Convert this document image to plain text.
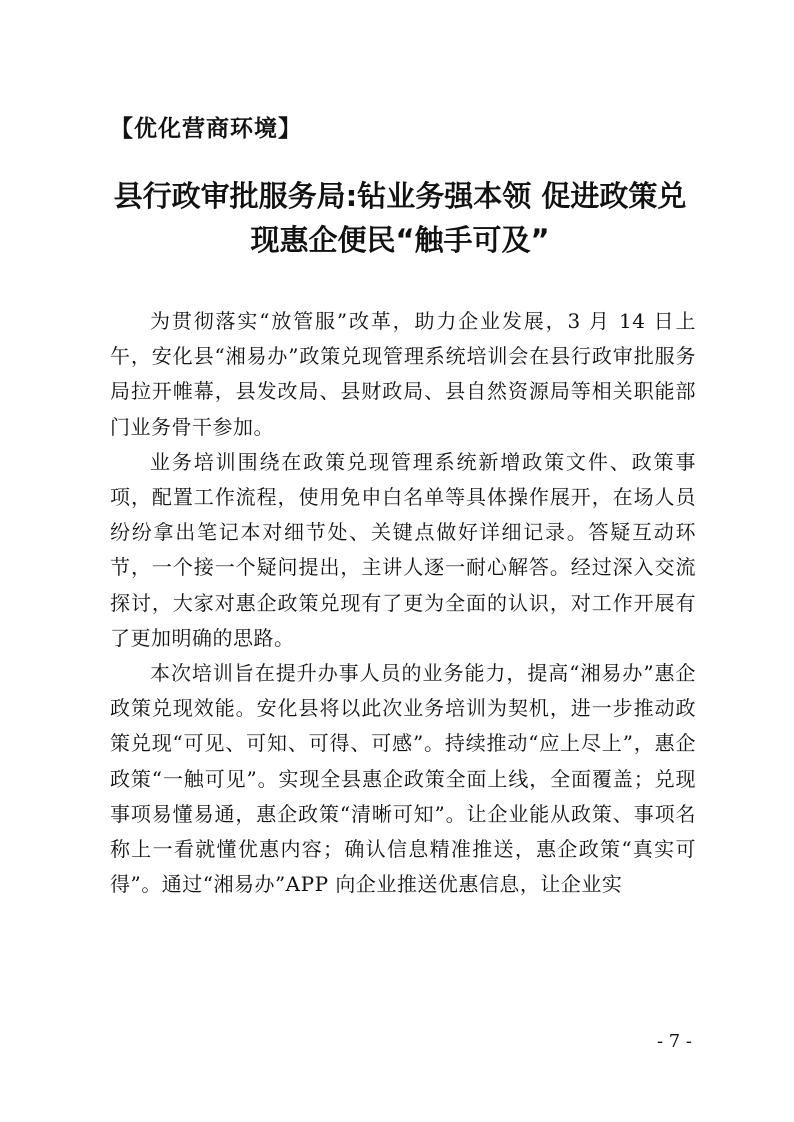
【优化营商环境】
县行政审批服务局:钻业务强本领 促进政策兑
现惠企便民“触手可及”

为贯彻落实“放管服”改革，助力企业发展，3 月 14 日上午，安化县“湘易办”政策兑现管理系统培训会在县行政审批服务局拉开帷幕，县发改局、县财政局、县自然资源局等相关职能部门业务骨干参加。

业务培训围绕在政策兑现管理系统新增政策文件、政策事项，配置工作流程，使用免申白名单等具体操作展开，在场人员纷纷拿出笔记本对细节处、关键点做好详细记录。答疑互动环节，一个接一个疑问提出，主讲人逐一耐心解答。经过深入交流探讨，大家对惠企政策兑现有了更为全面的认识，对工作开展有了更加明确的思路。

本次培训旨在提升办事人员的业务能力，提高“湘易办”惠企政策兑现效能。安化县将以此次业务培训为契机，进一步推动政策兑现“可见、可知、可得、可感”。持续推动“应上尽上”，惠企政策“一触可见”。实现全县惠企政策全面上线，全面覆盖；兑现事项易懂易通，惠企政策“清晰可知”。让企业能从政策、事项名称上一看就懂优惠内容；确认信息精准推送，惠企政策“真实可得”。通过“湘易办”APP 向企业推送优惠信息，让企业实

- 7 -
